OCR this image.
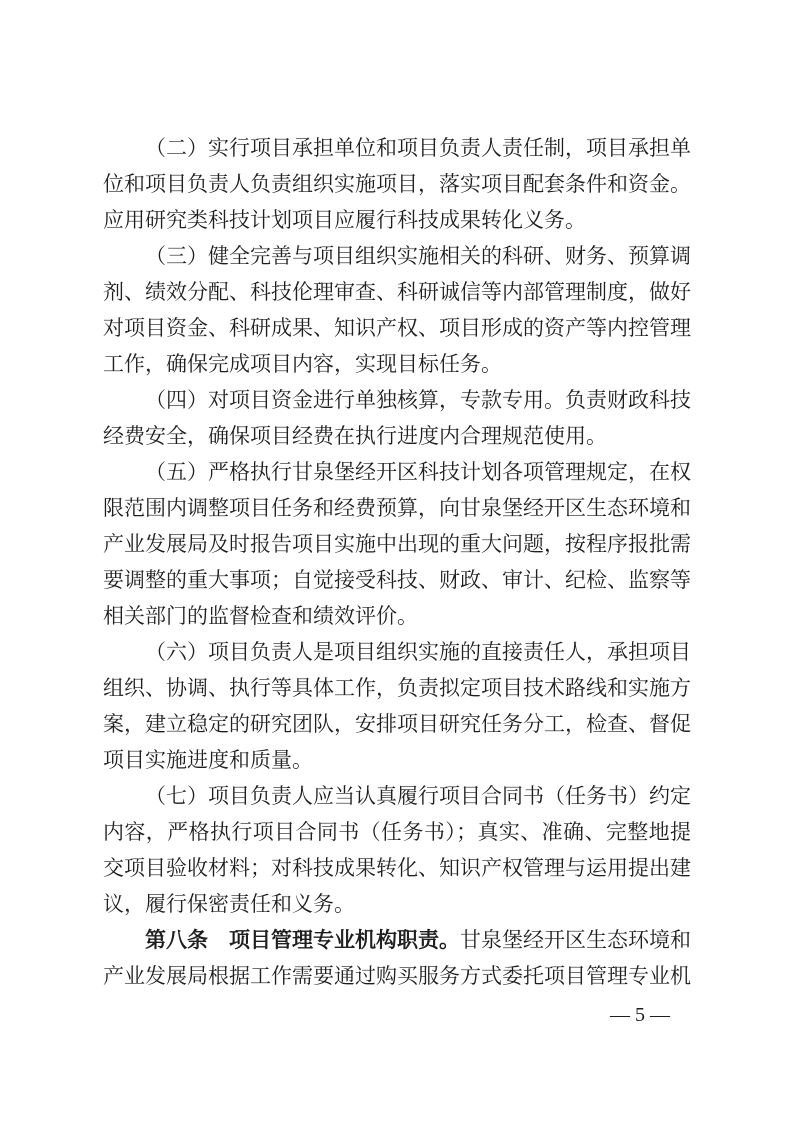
（二）实行项目承担单位和项目负责人责任制，项目承担单
位和项目负责人负责组织实施项目，落实项目配套条件和资金。
应用研究类科技计划项目应履行科技成果转化义务。
（三）健全完善与项目组织实施相关的科研、财务、预算调
剂、绩效分配、科技伦理审查、科研诚信等内部管理制度，做好
对项目资金、科研成果、知识产权、项目形成的资产等内控管理
工作，确保完成项目内容，实现目标任务。
（四）对项目资金进行单独核算，专款专用。负责财政科技
经费安全，确保项目经费在执行进度内合理规范使用。
（五）严格执行甘泉堡经开区科技计划各项管理规定，在权
限范围内调整项目任务和经费预算，向甘泉堡经开区生态环境和
产业发展局及时报告项目实施中出现的重大问题，按程序报批需
要调整的重大事项；自觉接受科技、财政、审计、纪检、监察等
相关部门的监督检查和绩效评价。
（六）项目负责人是项目组织实施的直接责任人，承担项目
组织、协调、执行等具体工作，负责拟定项目技术路线和实施方
案，建立稳定的研究团队，安排项目研究任务分工，检查、督促
项目实施进度和质量。
（七）项目负责人应当认真履行项目合同书（任务书）约定
内容，严格执行项目合同书（任务书）；真实、准确、完整地提
交项目验收材料；对科技成果转化、知识产权管理与运用提出建
议，履行保密责任和义务。
第八条　项目管理专业机构职责。甘泉堡经开区生态环境和
产业发展局根据工作需要通过购买服务方式委托项目管理专业机
— 5 —
